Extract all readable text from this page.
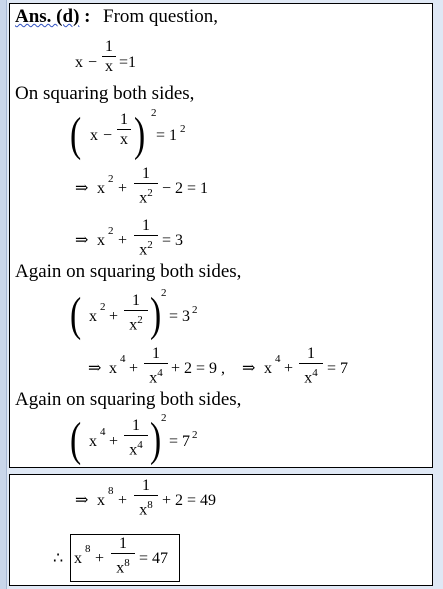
Ans. (d) : From question,
x −
1
x =1
On squaring both sides,
( x −
1
x ) 2
= 1 2
⇒ x
2
+
1
$x^2 - 2 = 1$
⇒ x
2
+
1
$x^2 = 3$
Again on squaring both sides,
( x
2
+
1
$x^2$ ) 2
= 3 2
⇒ x
4
+
1
$x^4 + 2 = 9$ , ⇒ x
4
+
1
$x^4 = 7$
Again on squaring both sides,
( x
4
+
1
$x^4$ ) 2
= 7 2
⇒ x
8
+
1
$x^8 + 2 = 49$
∴ x
8
+
1
$x^8 = 47$
